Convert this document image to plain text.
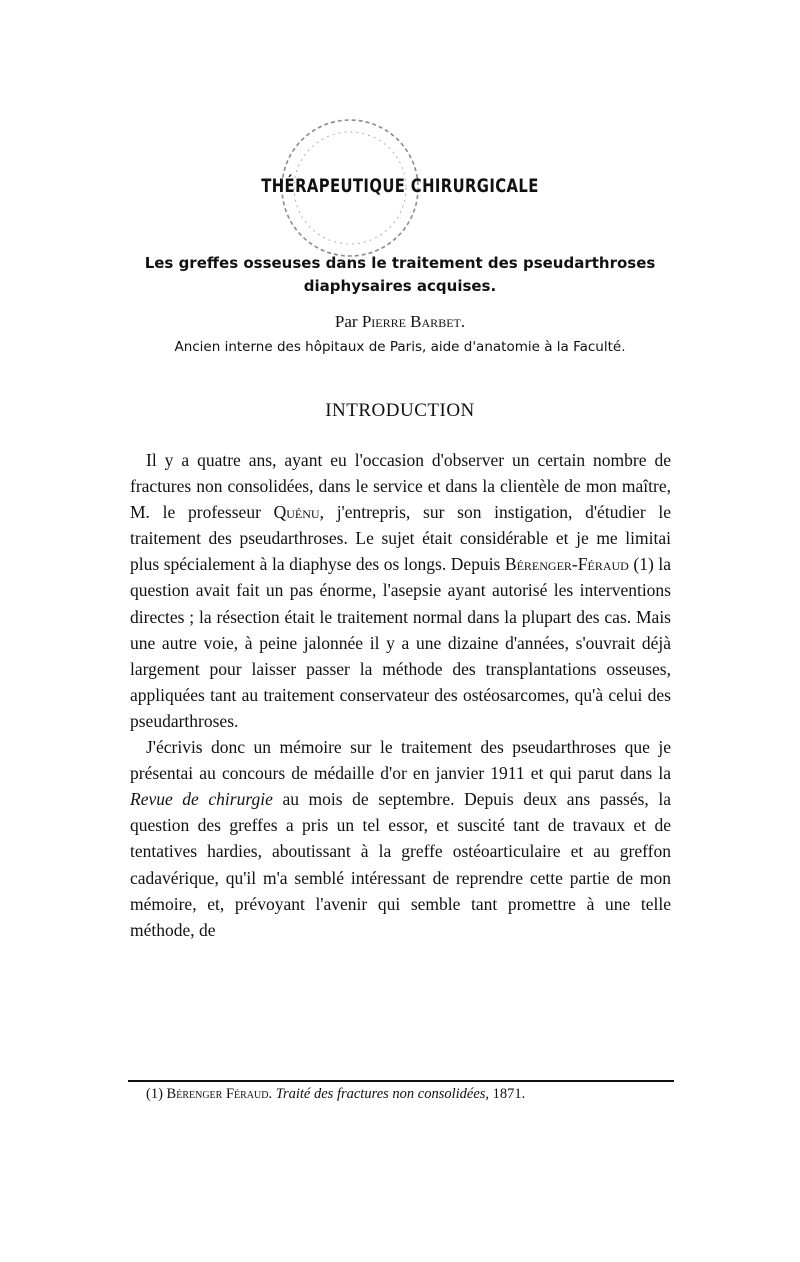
THÉRAPEUTIQUE CHIRURGICALE
Les greffes osseuses dans le traitement des pseudarthroses diaphysaires acquises.
Par Pierre Barbet.
Ancien interne des hôpitaux de Paris, aide d'anatomie à la Faculté.
INTRODUCTION

Il y a quatre ans, ayant eu l'occasion d'observer un certain nombre de fractures non consolidées, dans le service et dans la clientèle de mon maître, M. le professeur Quénu, j'entrepris, sur son instigation, d'étudier le traitement des pseudarthroses. Le sujet était considérable et je me limitai plus spécialement à la diaphyse des os longs. Depuis Bérenger-Féraud (1) la question avait fait un pas énorme, l'asepsie ayant autorisé les interventions directes ; la résection était le traitement normal dans la plupart des cas. Mais une autre voie, à peine jalonnée il y a une dizaine d'années, s'ouvrait déjà largement pour laisser passer la méthode des transplantations osseuses, appliquées tant au traitement conservateur des ostéosarcomes, qu'à celui des pseudarthroses.

J'écrivis donc un mémoire sur le traitement des pseudarthroses que je présentai au concours de médaille d'or en janvier 1911 et qui parut dans la Revue de chirurgie au mois de septembre. Depuis deux ans passés, la question des greffes a pris un tel essor, et suscité tant de travaux et de tentatives hardies, aboutissant à la greffe ostéoarticulaire et au greffon cadavérique, qu'il m'a semblé intéressant de reprendre cette partie de mon mémoire, et, prévoyant l'avenir qui semble tant promettre à une telle méthode, de

(1) Bérenger Féraud. Traité des fractures non consolidées, 1871.
